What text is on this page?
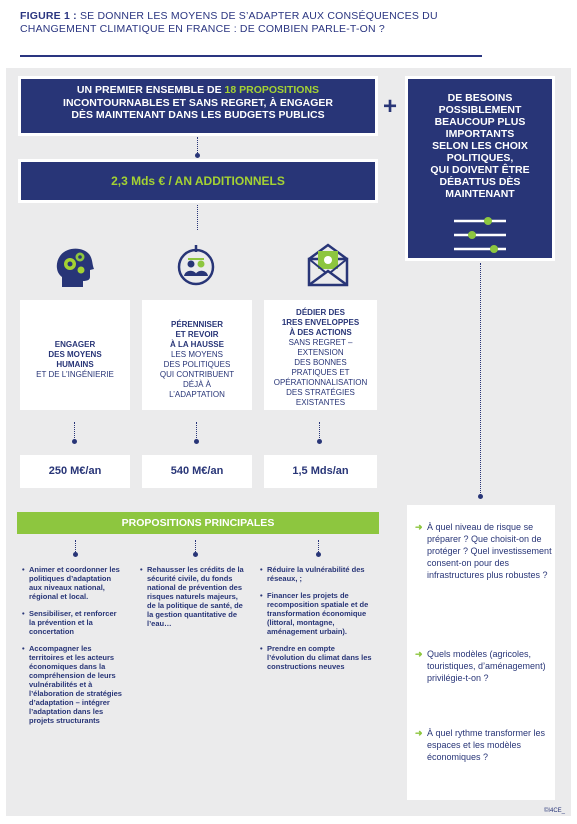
FIGURE 1 : SE DONNER LES MOYENS DE S’ADAPTER AUX CONSÉQUENCES DU CHANGEMENT CLIMATIQUE EN FRANCE : DE COMBIEN PARLE-T-ON ?
UN PREMIER ENSEMBLE DE 18 PROPOSITIONS
INCONTOURNABLES ET SANS REGRET, À ENGAGER
DÈS MAINTENANT DANS LES BUDGETS PUBLICS	+
2,3 Mds € / AN ADDITIONNELS
DE BESOINS
POSSIBLEMENT
BEAUCOUP PLUS
IMPORTANTS
SELON LES CHOIX
POLITIQUES,
QUI DOIVENT ÊTRE
DÉBATTUS DÈS
MAINTENANT
ENGAGER
DES MOYENS
HUMAINS
ET DE L’INGÉNIERIE
PÉRENNISER
ET REVOIR
À LA HAUSSE
LES MOYENS
DES POLITIQUES
QUI CONTRIBUENT
DÉJÀ À
L’ADAPTATION
DÉDIER DES
1RES ENVELOPPES
À DES ACTIONS
SANS REGRET –
EXTENSION
DES BONNES
PRATIQUES ET
OPÉRATIONNALISATION
DES STRATÉGIES
EXISTANTES
250 M€/an	540 M€/an	1,5 Mds/an
PROPOSITIONS PRINCIPALES
• Animer et coordonner les politiques d’adaptation aux niveaux national, régional et local.
• Sensibiliser, et renforcer la prévention et la concertation
• Accompagner les territoires et les acteurs économiques dans la compréhension de leurs vulnérabilités et à l’élaboration de stratégies d’adaptation – intégrer l’adaptation dans les projets structurants
• Rehausser les crédits de la sécurité civile, du fonds national de prévention des risques naturels majeurs, de la politique de santé, de la gestion quantitative de l’eau…
• Réduire la vulnérabilité des réseaux, ;
• Financer les projets de recomposition spatiale et de transformation économique (littoral, montagne, aménagement urbain).
• Prendre en compte l’évolution du climat dans les constructions neuves
➜ À quel niveau de risque se préparer ? Que choisit-on de protéger ? Quel investissement consent-on pour des infrastructures plus robustes ?
➜ Quels modèles (agricoles, touristiques, d’aménagement) privilégie-t-on ?
➜ À quel rythme transformer les espaces et les modèles économiques ?
©I4CE_
